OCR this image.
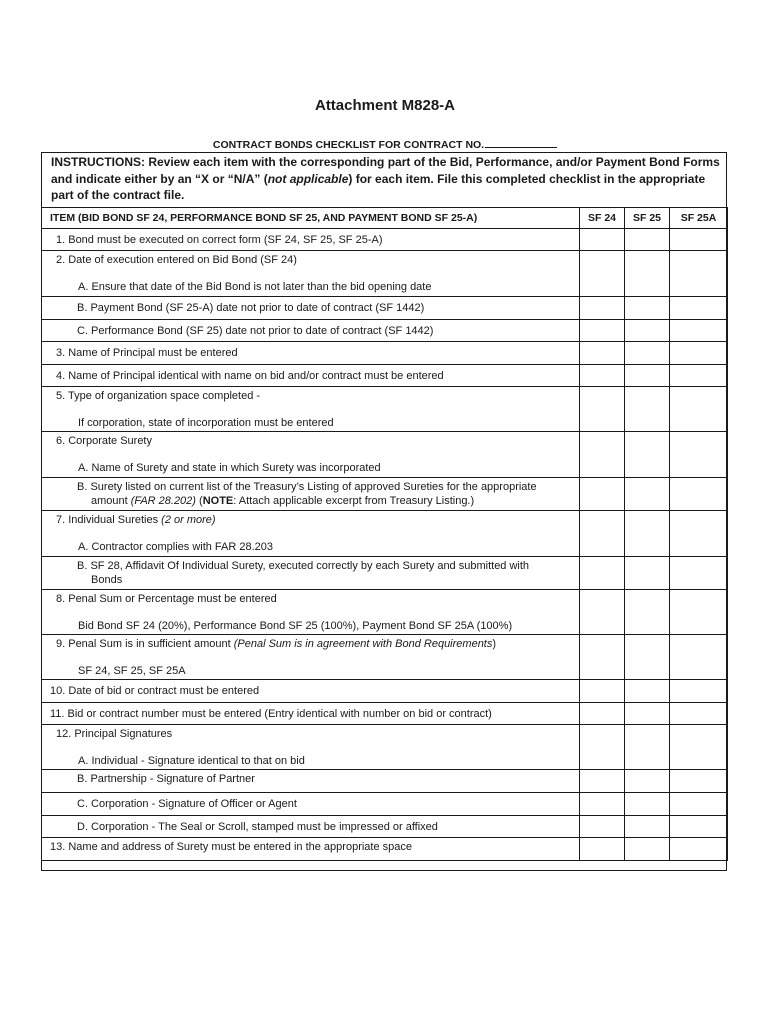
Attachment M828-A
CONTRACT BONDS CHECKLIST FOR CONTRACT NO.
INSTRUCTIONS: Review each item with the corresponding part of the Bid, Performance, and/or Payment Bond Forms and indicate either by an “X or “N/A” (not applicable) for each item. File this completed checklist in the appropriate part of the contract file.
ITEM (BID BOND SF 24, PERFORMANCE BOND SF 25, AND PAYMENT BOND SF 25-A)	SF 24	SF 25	SF 25A
1. Bond must be executed on correct form (SF 24, SF 25, SF 25-A)			

2. Date of execution entered on Bid Bond (SF 24)
A. Ensure that date of the Bid Bond is not later than the bid opening date			

B. Payment Bond (SF 25-A) date not prior to date of contract (SF 1442)			
C. Performance Bond (SF 25) date not prior to date of contract (SF 1442)			
3. Name of Principal must be entered			
4. Name of Principal identical with name on bid and/or contract must be entered			

5. Type of organization space completed -
If corporation, state of incorporation must be entered			

6. Corporate Surety
A. Name of Surety and state in which Surety was incorporated			

B. Surety listed on current list of the Treasury’s Listing of approved Sureties for the appropriate
amount (FAR 28.202) (NOTE: Attach applicable excerpt from Treasury Listing.)			

7. Individual Sureties (2 or more)
A. Contractor complies with FAR 28.203			

B. SF 28, Affidavit Of Individual Surety, executed correctly by each Surety and submitted with
Bonds			

8. Penal Sum or Percentage must be entered
Bid Bond SF 24 (20%), Performance Bond SF 25 (100%), Payment Bond SF 25A (100%)			

9. Penal Sum is in sufficient amount (Penal Sum is in agreement with Bond Requirements)
SF 24, SF 25, SF 25A			

10. Date of bid or contract must be entered			
11. Bid or contract number must be entered (Entry identical with number on bid or contract)			

12. Principal Signatures
A. Individual - Signature identical to that on bid			

B. Partnership - Signature of Partner			
C. Corporation - Signature of Officer or Agent			
D. Corporation - The Seal or Scroll, stamped must be impressed or affixed			
13. Name and address of Surety must be entered in the appropriate space			
